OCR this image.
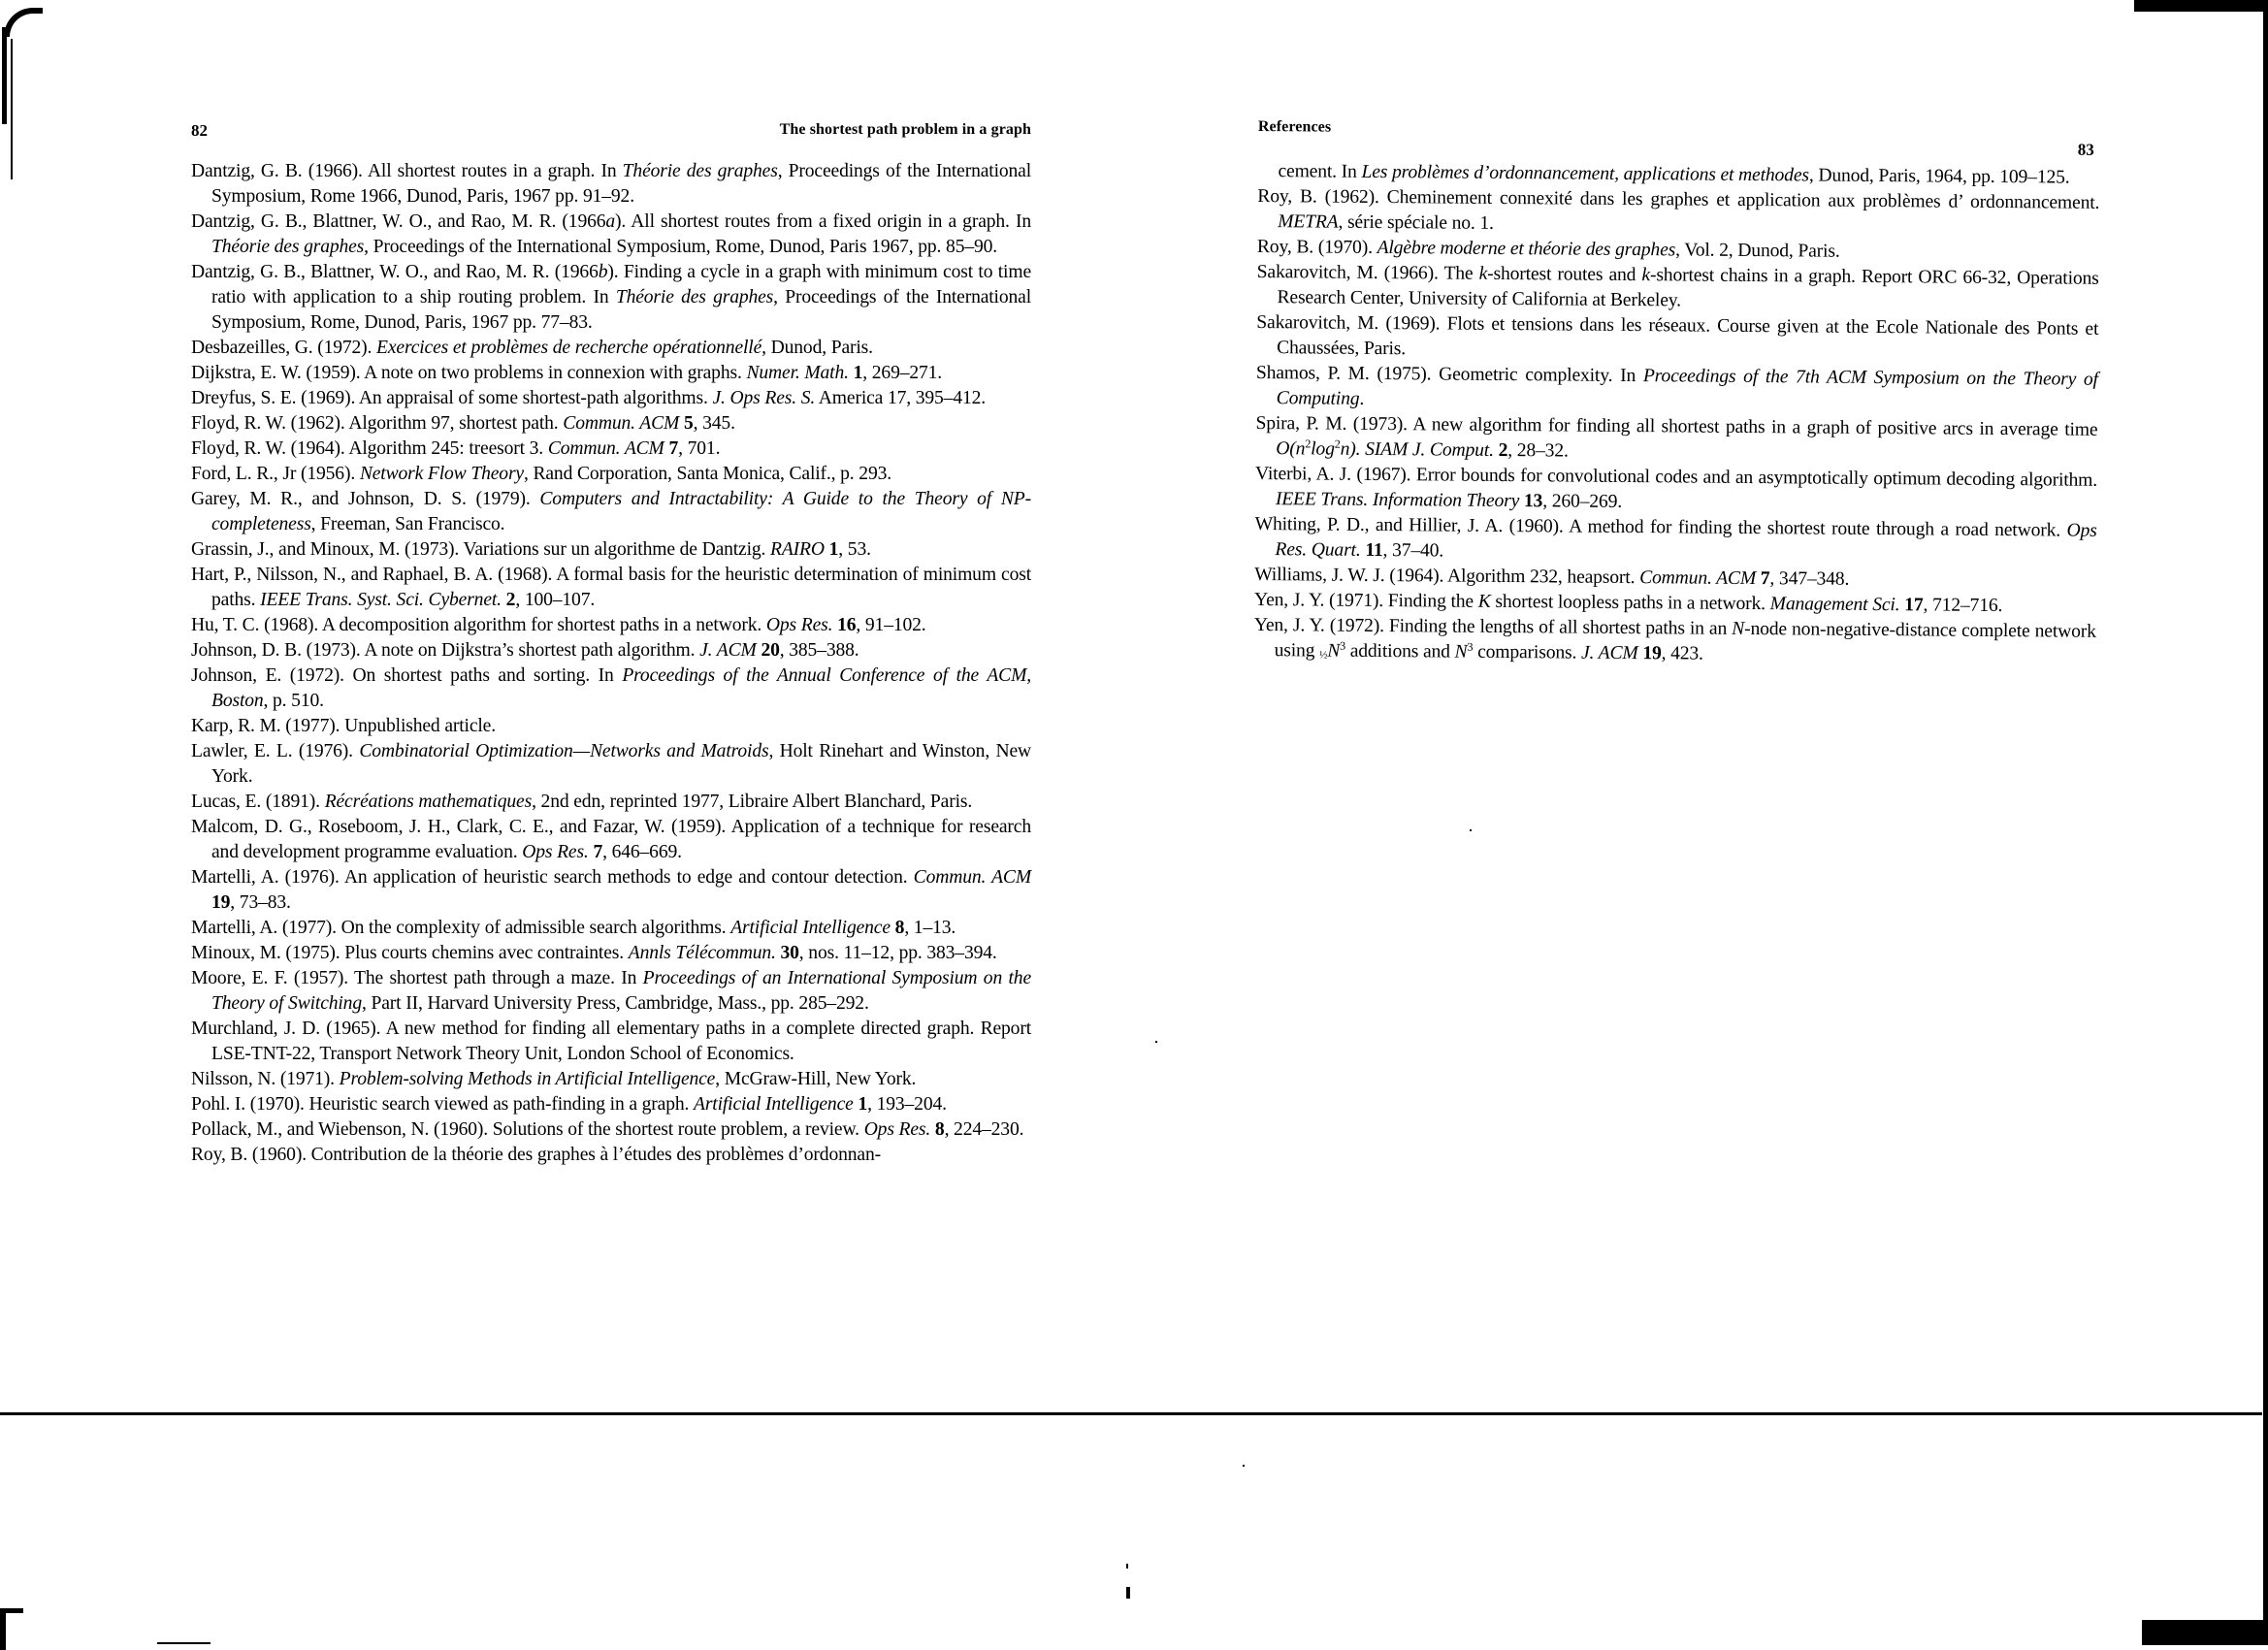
82	The shortest path problem in a graph

Dantzig, G. B. (1966). All shortest routes in a graph. In Théorie des graphes, Proceedings of the International Symposium, Rome 1966, Dunod, Paris, 1967 pp. 91–92.

Dantzig, G. B., Blattner, W. O., and Rao, M. R. (1966a). All shortest routes from a fixed origin in a graph. In Théorie des graphes, Proceedings of the International Symposium, Rome, Dunod, Paris 1967, pp. 85–90.

Dantzig, G. B., Blattner, W. O., and Rao, M. R. (1966b). Finding a cycle in a graph with minimum cost to time ratio with application to a ship routing problem. In Théorie des graphes, Proceedings of the International Symposium, Rome, Dunod, Paris, 1967 pp. 77–83.

Desbazeilles, G. (1972). Exercices et problèmes de recherche opérationnellé, Dunod, Paris.

Dijkstra, E. W. (1959). A note on two problems in connexion with graphs. Numer. Math. 1, 269–271.

Dreyfus, S. E. (1969). An appraisal of some shortest-path algorithms. J. Ops Res. S. America 17, 395–412.

Floyd, R. W. (1962). Algorithm 97, shortest path. Commun. ACM 5, 345.

Floyd, R. W. (1964). Algorithm 245: treesort 3. Commun. ACM 7, 701.

Ford, L. R., Jr (1956). Network Flow Theory, Rand Corporation, Santa Monica, Calif., p. 293.

Garey, M. R., and Johnson, D. S. (1979). Computers and Intractability: A Guide to the Theory of NP-completeness, Freeman, San Francisco.

Grassin, J., and Minoux, M. (1973). Variations sur un algorithme de Dantzig. RAIRO 1, 53.

Hart, P., Nilsson, N., and Raphael, B. A. (1968). A formal basis for the heuristic determination of minimum cost paths. IEEE Trans. Syst. Sci. Cybernet. 2, 100–107.

Hu, T. C. (1968). A decomposition algorithm for shortest paths in a network. Ops Res. 16, 91–102.

Johnson, D. B. (1973). A note on Dijkstra’s shortest path algorithm. J. ACM 20, 385–388.

Johnson, E. (1972). On shortest paths and sorting. In Proceedings of the Annual Conference of the ACM, Boston, p. 510.

Karp, R. M. (1977). Unpublished article.

Lawler, E. L. (1976). Combinatorial Optimization—Networks and Matroids, Holt Rinehart and Winston, New York.

Lucas, E. (1891). Récréations mathematiques, 2nd edn, reprinted 1977, Libraire Albert Blanchard, Paris.

Malcom, D. G., Roseboom, J. H., Clark, C. E., and Fazar, W. (1959). Application of a technique for research and development programme evaluation. Ops Res. 7, 646–669.

Martelli, A. (1976). An application of heuristic search methods to edge and contour detection. Commun. ACM 19, 73–83.

Martelli, A. (1977). On the complexity of admissible search algorithms. Artificial Intelligence 8, 1–13.

Minoux, M. (1975). Plus courts chemins avec contraintes. Annls Télécommun. 30, nos. 11–12, pp. 383–394.

Moore, E. F. (1957). The shortest path through a maze. In Proceedings of an International Symposium on the Theory of Switching, Part II, Harvard University Press, Cambridge, Mass., pp. 285–292.

Murchland, J. D. (1965). A new method for finding all elementary paths in a complete directed graph. Report LSE-TNT-22, Transport Network Theory Unit, London School of Economics.

Nilsson, N. (1971). Problem-solving Methods in Artificial Intelligence, McGraw-Hill, New York.

Pohl. I. (1970). Heuristic search viewed as path-finding in a graph. Artificial Intelligence 1, 193–204.

Pollack, M., and Wiebenson, N. (1960). Solutions of the shortest route problem, a review. Ops Res. 8, 224–230.

Roy, B. (1960). Contribution de la théorie des graphes à l’études des problèmes d’ordonnan-

References
83
cement. In Les problèmes d’ordonnancement, applications et methodes, Dunod, Paris, 1964, pp. 109–125.

Roy, B. (1962). Cheminement connexité dans les graphes et application aux problèmes d’ ordonnancement. METRA, série spéciale no. 1.

Roy, B. (1970). Algèbre moderne et théorie des graphes, Vol. 2, Dunod, Paris.

Sakarovitch, M. (1966). The k-shortest routes and k-shortest chains in a graph. Report ORC 66-32, Operations Research Center, University of California at Berkeley.

Sakarovitch, M. (1969). Flots et tensions dans les réseaux. Course given at the Ecole Nationale des Ponts et Chaussées, Paris.

Shamos, P. M. (1975). Geometric complexity. In Proceedings of the 7th ACM Symposium on the Theory of Computing.

Spira, P. M. (1973). A new algorithm for finding all shortest paths in a graph of positive arcs in average time $O(n^2\log^2n)$. SIAM J. Comput. 2, 28–32.

Viterbi, A. J. (1967). Error bounds for convolutional codes and an asymptotically optimum decoding algorithm. IEEE Trans. Information Theory 13, 260–269.

Whiting, P. D., and Hillier, J. A. (1960). A method for finding the shortest route through a road network. Ops Res. Quart. 11, 37–40.

Williams, J. W. J. (1964). Algorithm 232, heapsort. Commun. ACM 7, 347–348.

Yen, J. Y. (1971). Finding the K shortest loopless paths in a network. Management Sci. 17, 712–716.

Yen, J. Y. (1972). Finding the lengths of all shortest paths in an N-node non-negative-distance complete network using $\frac{1}{2}N^3$ additions and $N^3$ comparisons. J. ACM 19, 423.
